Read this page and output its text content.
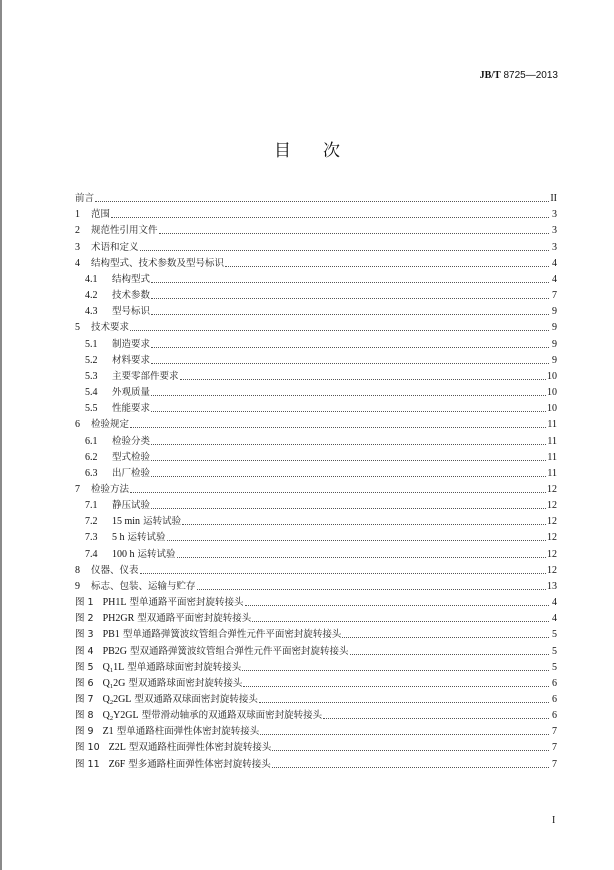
JB/T 8725—2013
目 次
前言	II
1	范围	3
2	规范性引用文件	3
3	术语和定义	3
4	结构型式、技术参数及型号标识	4
4.1	结构型式	4
4.2	技术参数	7
4.3	型号标识	9
5	技术要求	9
5.1	制造要求	9
5.2	材料要求	9
5.3	主要零部件要求	10
5.4	外观质量	10
5.5	性能要求	10
6	检验规定	11
6.1	检验分类	11
6.2	型式检验	11
6.3	出厂检验	11
7	检验方法	12
7.1	静压试验	12
7.2	15 min 运转试验	12
7.3	5 h 运转试验	12
7.4	100 h 运转试验	12
8	仪器、仪表	12
9	标志、包装、运输与贮存	13
图 1 PH1L 型单通路平面密封旋转接头	4
图 2 PH2GR 型双通路平面密封旋转接头	4
图 3 PB1 型单通路弹簧波纹管组合弹性元件平面密封旋转接头	5
图 4 PB2G 型双通路弹簧波纹管组合弹性元件平面密封旋转接头	5
图 5 $Q_11L$ 型单通路球面密封旋转接头	5
图 6 $Q_12G$ 型双通路球面密封旋转接头	6
图 7 $Q_22GL$ 型双通路双球面密封旋转接头	6
图 8 $Q_2Y2GL$ 型带滑动轴承的双通路双球面密封旋转接头	6
图 9 Z1 型单通路柱面弹性体密封旋转接头	7
图 10 Z2L 型双通路柱面弹性体密封旋转接头	7
图 11 Z6F 型多通路柱面弹性体密封旋转接头	7
I
